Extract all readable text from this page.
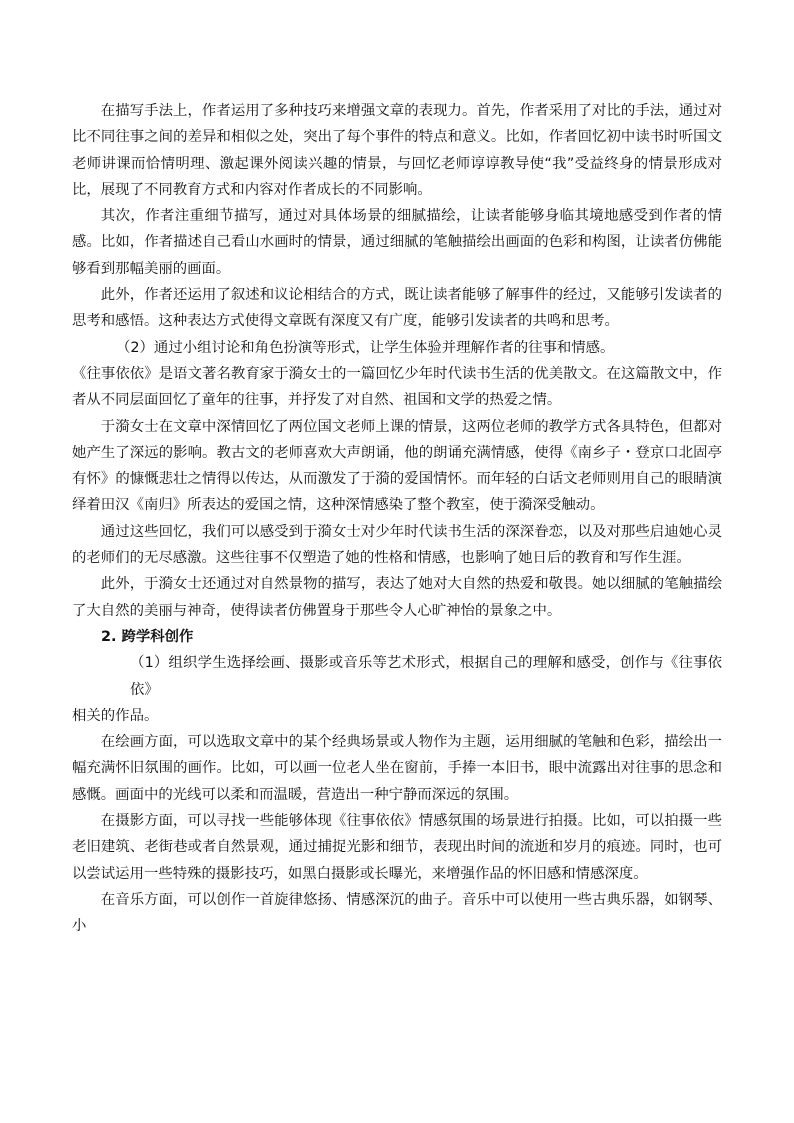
在描写手法上，作者运用了多种技巧来增强文章的表现力。首先，作者采用了对比的手法，通过对比不同往事之间的差异和相似之处，突出了每个事件的特点和意义。比如，作者回忆初中读书时听国文老师讲课而恰情明理、激起课外阅读兴趣的情景，与回忆老师谆谆教导使“我”受益终身的情景形成对比，展现了不同教育方式和内容对作者成长的不同影响。

其次，作者注重细节描写，通过对具体场景的细腻描绘，让读者能够身临其境地感受到作者的情感。比如，作者描述自己看山水画时的情景，通过细腻的笔触描绘出画面的色彩和构图，让读者仿佛能够看到那幅美丽的画面。

此外，作者还运用了叙述和议论相结合的方式，既让读者能够了解事件的经过，又能够引发读者的思考和感悟。这种表达方式使得文章既有深度又有广度，能够引发读者的共鸣和思考。

（2）通过小组讨论和角色扮演等形式，让学生体验并理解作者的往事和情感。

《往事依依》是语文著名教育家于漪女士的一篇回忆少年时代读书生活的优美散文。在这篇散文中，作者从不同层面回忆了童年的往事，并抒发了对自然、祖国和文学的热爱之情。

于漪女士在文章中深情回忆了两位国文老师上课的情景，这两位老师的教学方式各具特色，但都对她产生了深远的影响。教古文的老师喜欢大声朗诵，他的朗诵充满情感，使得《南乡子・登京口北固亭有怀》的慷慨悲壮之情得以传达，从而激发了于漪的爱国情怀。而年轻的白话文老师则用自己的眼睛演绎着田汉《南归》所表达的爱国之情，这种深情感染了整个教室，使于漪深受触动。

通过这些回忆，我们可以感受到于漪女士对少年时代读书生活的深深眷恋，以及对那些启迪她心灵的老师们的无尽感激。这些往事不仅塑造了她的性格和情感，也影响了她日后的教育和写作生涯。

此外，于漪女士还通过对自然景物的描写，表达了她对大自然的热爱和敬畏。她以细腻的笔触描绘了大自然的美丽与神奇，使得读者仿佛置身于那些令人心旷神怡的景象之中。

2. 跨学科创作

（1）组织学生选择绘画、摄影或音乐等艺术形式，根据自己的理解和感受，创作与《往事依依》

相关的作品。

在绘画方面，可以选取文章中的某个经典场景或人物作为主题，运用细腻的笔触和色彩，描绘出一幅充满怀旧氛围的画作。比如，可以画一位老人坐在窗前，手捧一本旧书，眼中流露出对往事的思念和感慨。画面中的光线可以柔和而温暖，营造出一种宁静而深远的氛围。

在摄影方面，可以寻找一些能够体现《往事依依》情感氛围的场景进行拍摄。比如，可以拍摄一些老旧建筑、老街巷或者自然景观，通过捕捉光影和细节，表现出时间的流逝和岁月的痕迹。同时，也可以尝试运用一些特殊的摄影技巧，如黑白摄影或长曝光，来增强作品的怀旧感和情感深度。

在音乐方面，可以创作一首旋律悠扬、情感深沉的曲子。音乐中可以使用一些古典乐器，如钢琴、小
